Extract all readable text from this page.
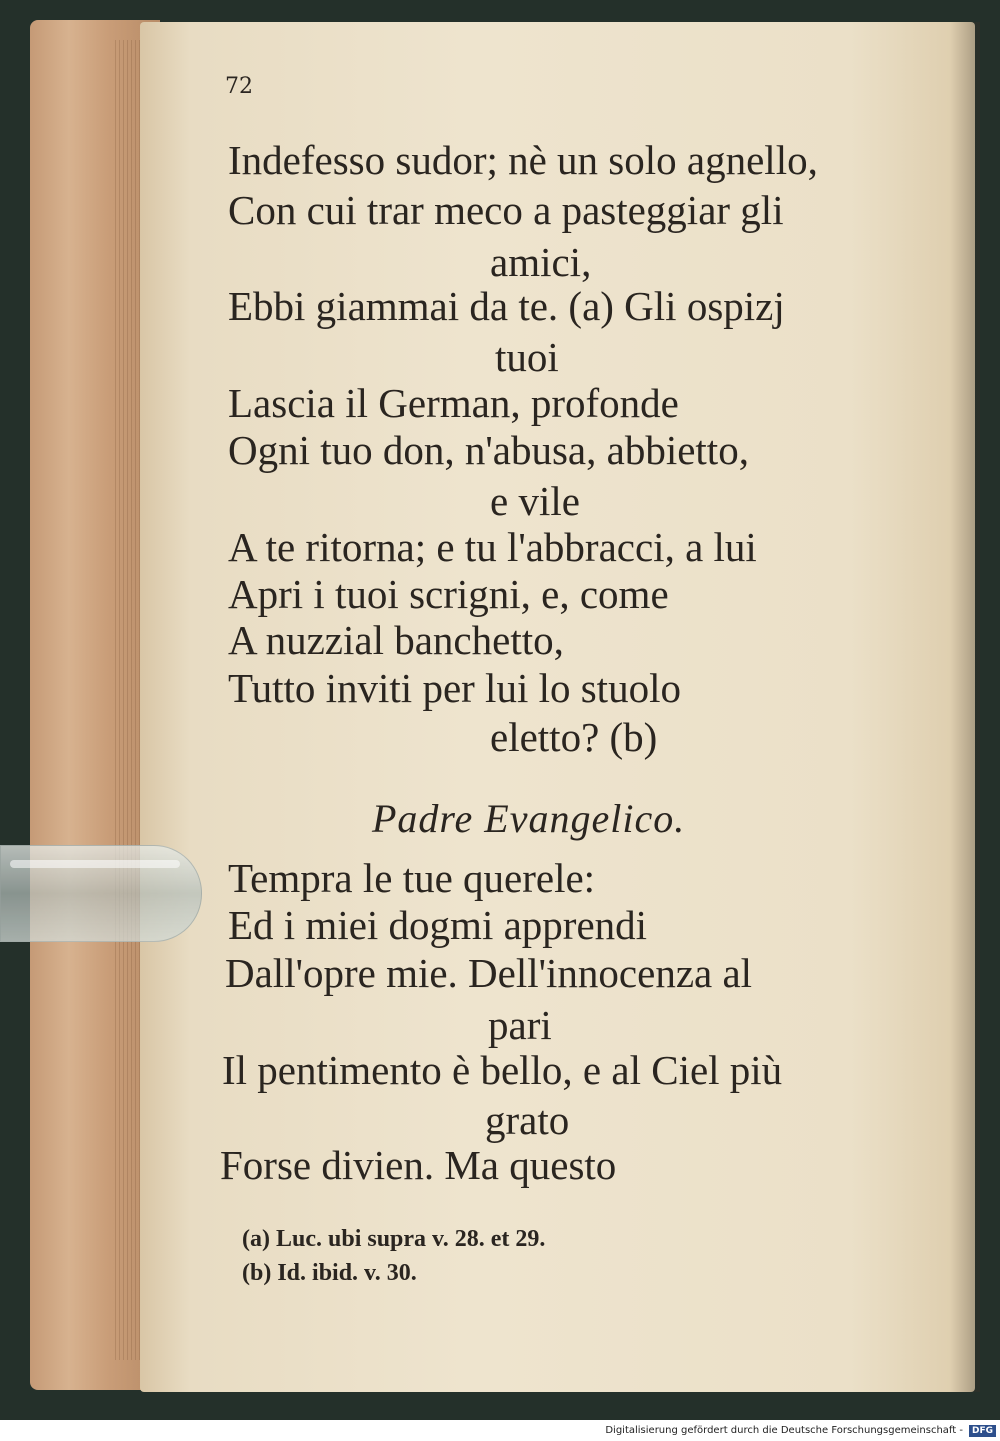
72
Indefesso sudor; nè un solo agnello,
Con cui trar meco a pasteggiar gli
amici,
Ebbi giammai da te. (a) Gli ospizj
tuoi
Lascia il German, profonde
Ogni tuo don, n'abusa, abbietto,
e vile
A te ritorna; e tu l'abbracci, a lui
Apri i tuoi scrigni, e, come
A nuzzial banchetto,
Tutto inviti per lui lo stuolo
eletto? (b)
Padre Evangelico.
Tempra le tue querele:
Ed i miei dogmi apprendi
Dall'opre mie. Dell'innocenza al
pari
Il pentimento è bello, e al Ciel più
grato
Forse divien. Ma questo
(a) Luc. ubi supra v. 28. et 29.
(b) Id. ibid. v. 30.
Digitalisierung gefördert durch die Deutsche Forschungsgemeinschaft -	DFG
